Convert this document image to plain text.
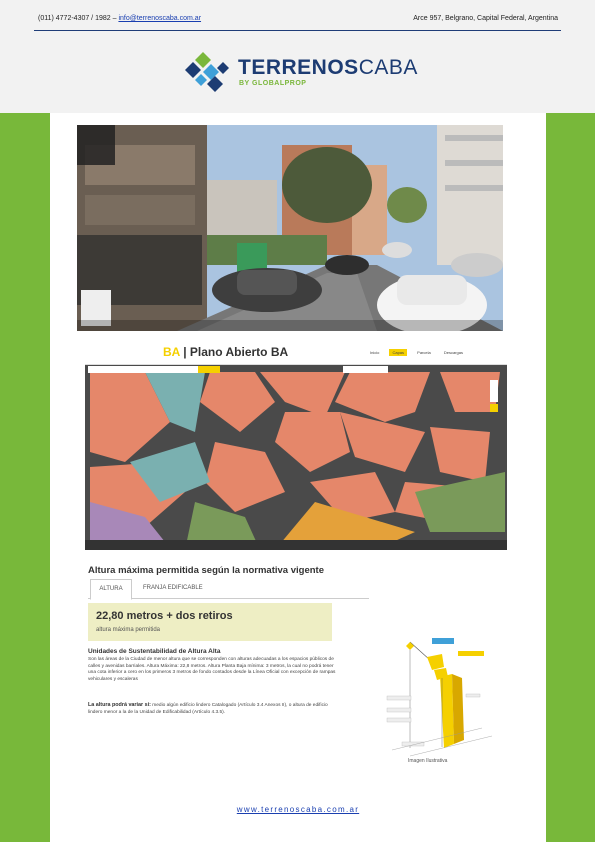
(011) 4772-4307 / 1982 – info@terrenoscaba.com.ar	Arce 957, Belgrano, Capital Federal, Argentina
TERRENOSCABA
BY GLOBALPROP
BA | Plano Abierto BA	Inicio	Capas	Parcela	Descargas
Altura máxima permitida según la normativa vigente
ALTURA	FRANJA EDIFICABLE
22,80 metros + dos retiros
altura máxima permitida
Unidades de Sustentabilidad de Altura Alta
Son las áreas de la Ciudad de menor altura que se corresponden con alturas adecuadas a los espacios públicos de calles y avenidas barriales. Altura Máxima: 22,8 metros. Altura Planta Baja mínima: 3 metros, la cual no podrá tener una cota inferior a cero en los primeros 3 metros de fondo contados desde la Línea Oficial con excepción de rampas vehiculares y escaleras
La altura podrá variar si: medio algún edificio lindero Catalogado (Artículo 3.4 Anexos II), o altura de edificio lindero menor a la de la Unidad de Edificabilidad (Artículo 4.3.5).
Imagen Ilustrativa
www.terrenoscaba.com.ar
